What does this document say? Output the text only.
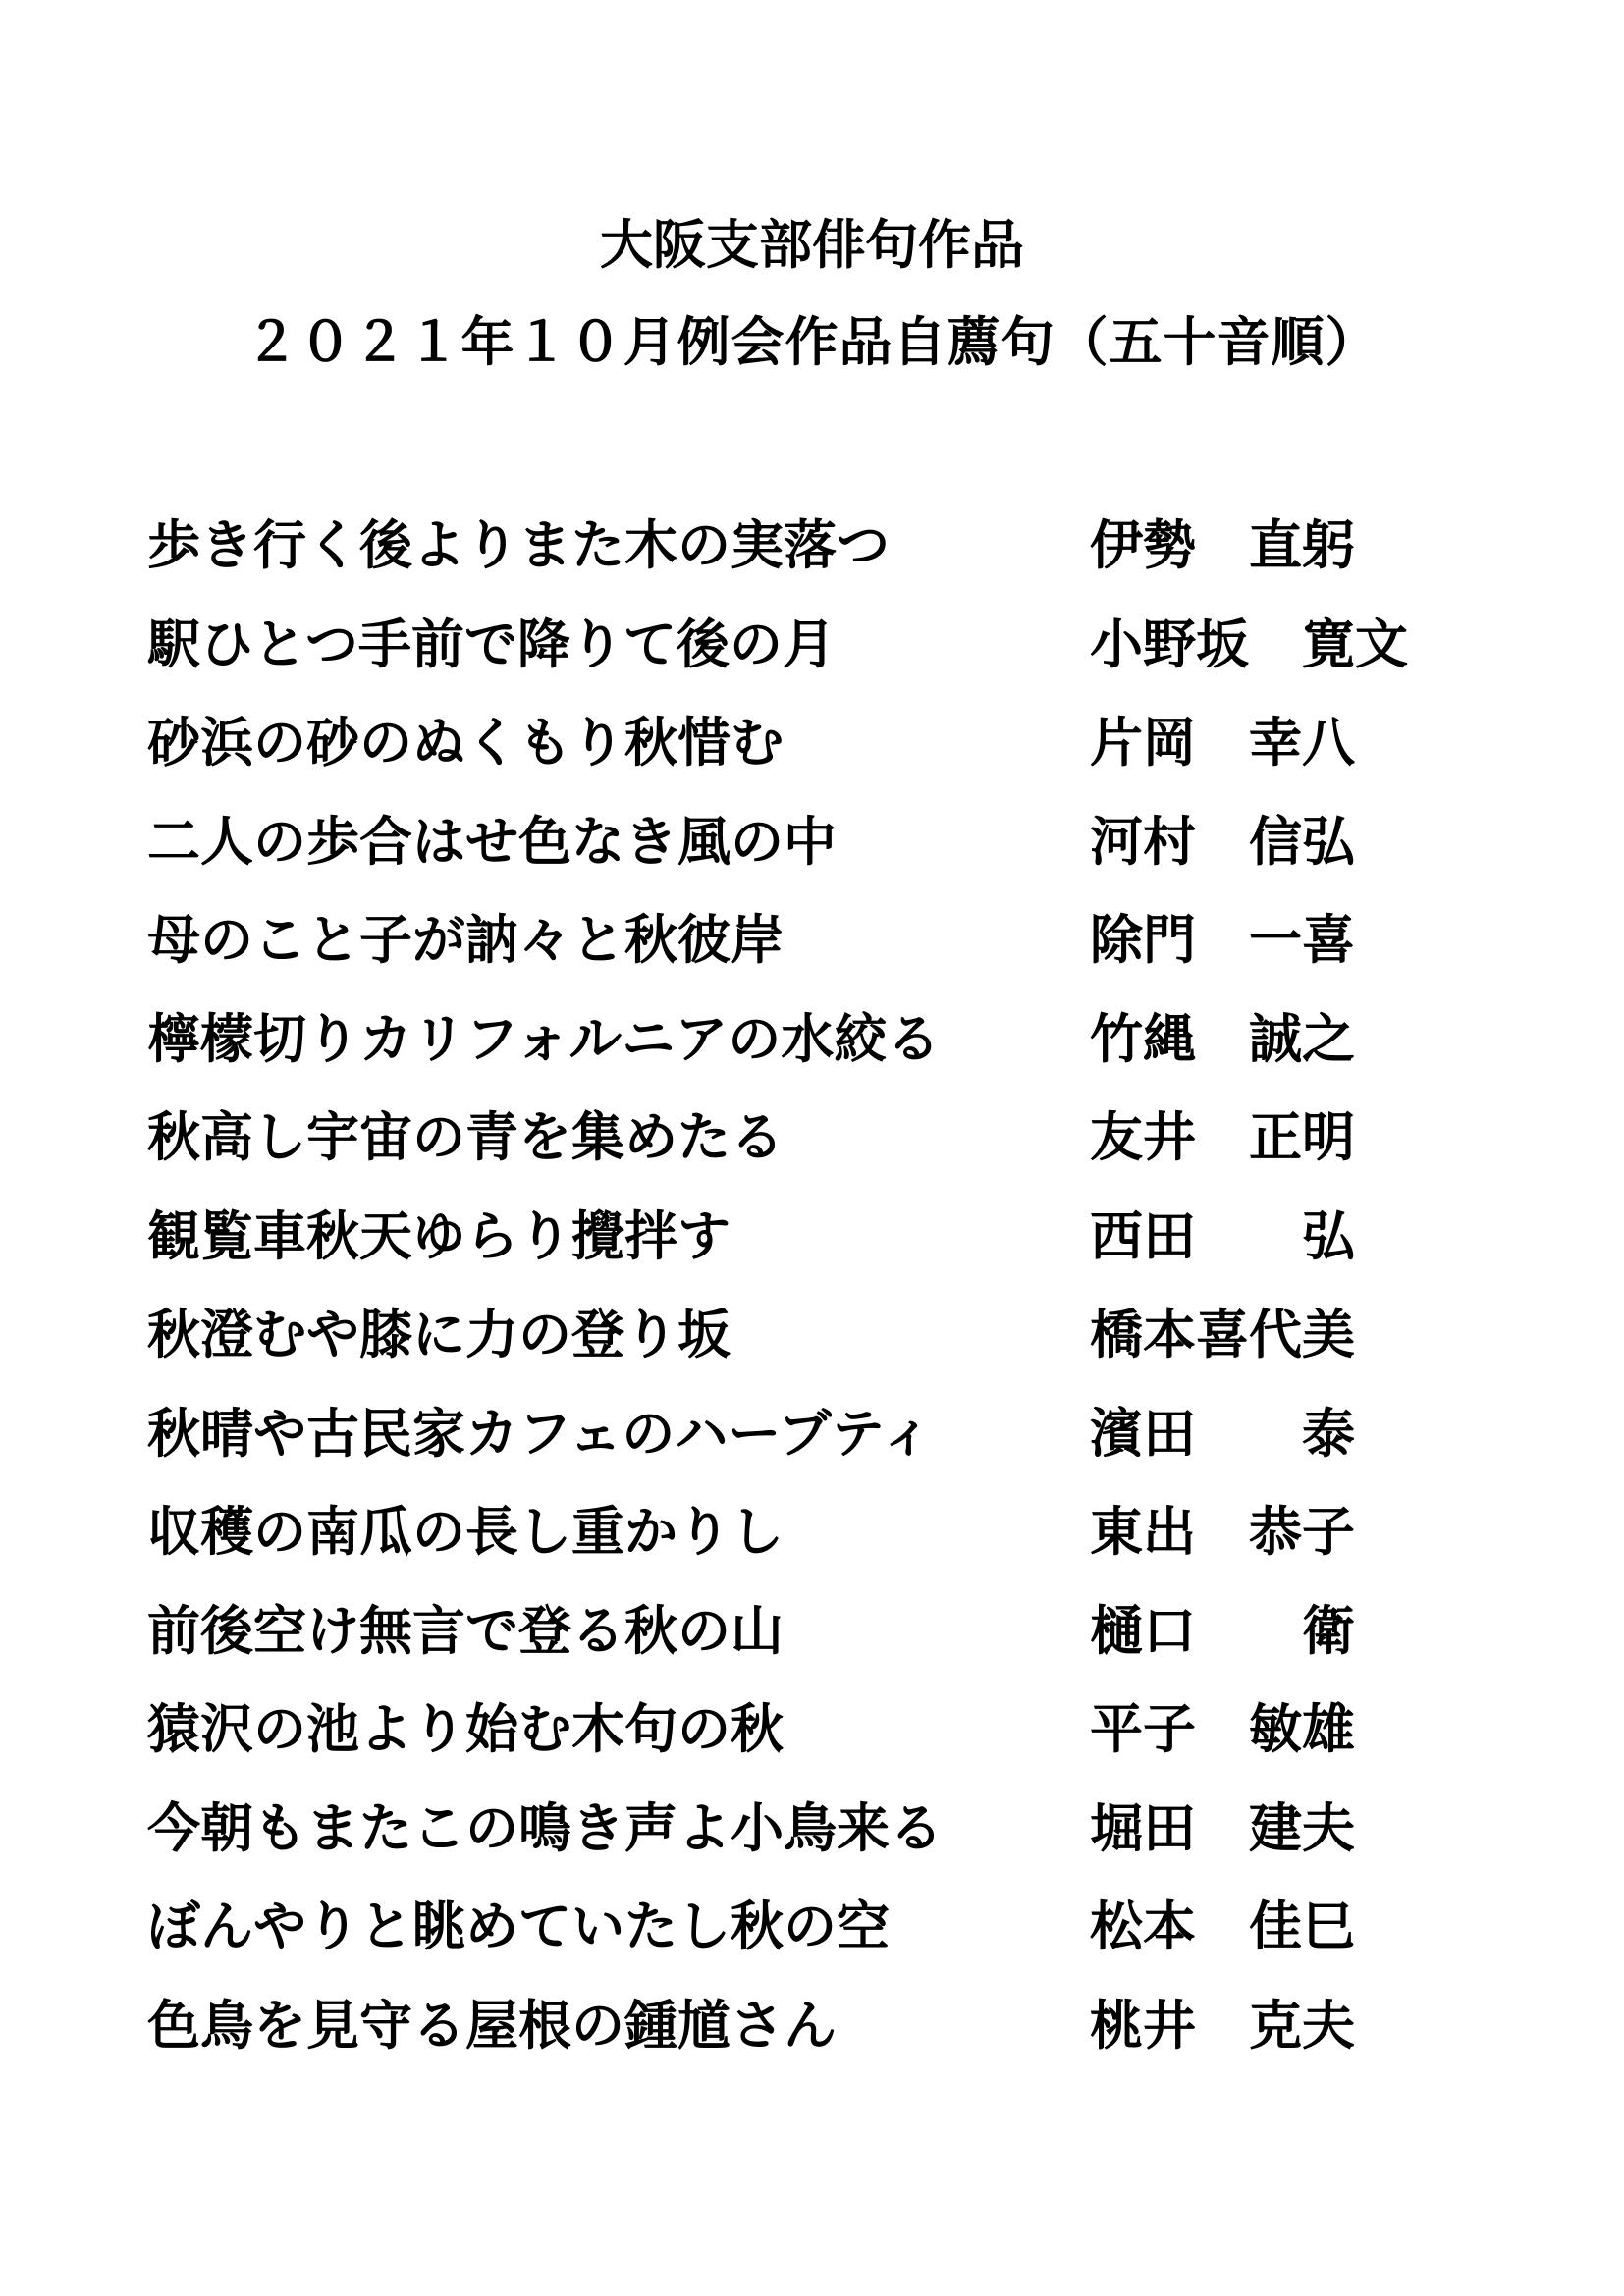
大阪支部俳句作品
２０２１年１０月例会作品自薦句（五十音順）
歩き行く後よりまた木の実落つ	伊勢　直躬
駅ひとつ手前で降りて後の月	小野坂　寛文
砂浜の砂のぬくもり秋惜む	片岡　幸八
二人の歩合はせ色なき風の中	河村　信弘
母のこと子が訥々と秋彼岸	除門　一喜
檸檬切りカリフォルニアの水絞る	竹縄　誠之
秋高し宇宙の青を集めたる	友井　正明
観覧車秋天ゆらり攪拌す	西田　　弘
秋澄むや膝に力の登り坂	橋本喜代美
秋晴や古民家カフェのハーブティ	濱田　　泰
収穫の南瓜の長し重かりし	東出　恭子
前後空け無言で登る秋の山	樋口　　衛
猿沢の池より始む木句の秋	平子　敏雄
今朝もまたこの鳴き声よ小鳥来る	堀田　建夫
ぼんやりと眺めていたし秋の空	松本　佳巳
色鳥を見守る屋根の鍾馗さん	桃井　克夫
